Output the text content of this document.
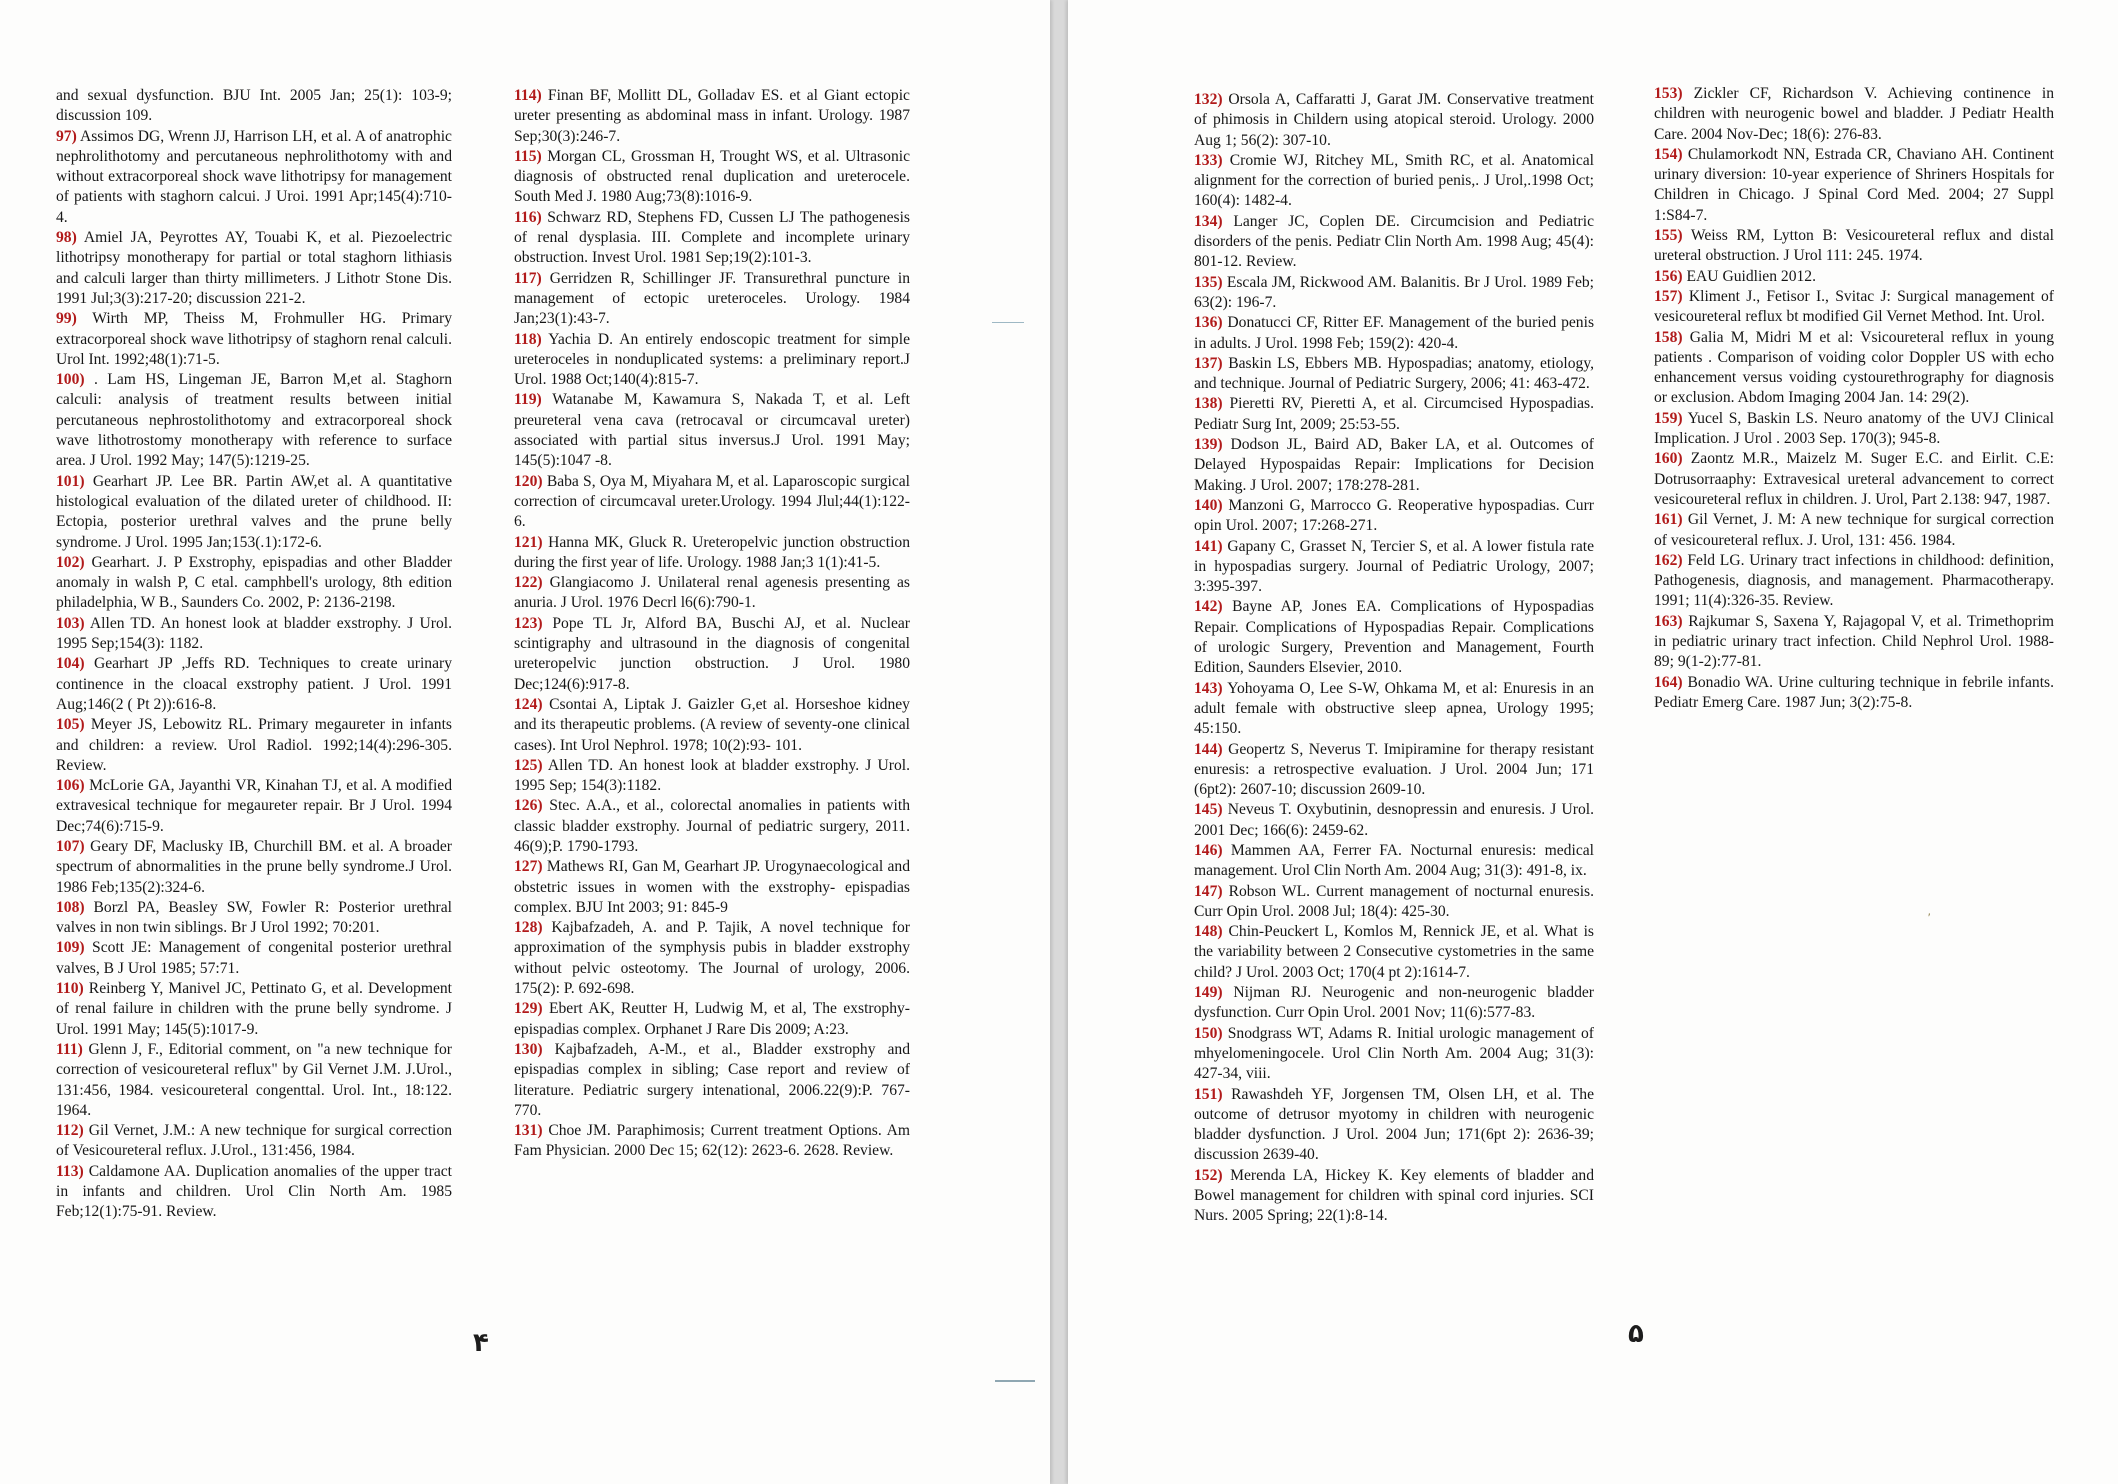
and sexual dysfunction. BJU Int. 2005 Jan; 25(1): 103-9; discussion 109.

97) Assimos DG, Wrenn JJ, Harrison LH, et al. A of anatrophic nephrolithotomy and percutaneous nephrolithotomy with and without extracorporeal shock wave lithotripsy for management of patients with staghorn calcui. J Uroi. 1991 Apr;145(4):710-4.

98) Amiel JA, Peyrottes AY, Touabi K, et al. Piezoelectric lithotripsy monotherapy for partial or total staghorn lithiasis and calculi larger than thirty millimeters. J Lithotr Stone Dis. 1991 Jul;3(3):217-20; discussion 221-2.

99) Wirth MP, Theiss M, Frohmuller HG. Primary extracorporeal shock wave lithotripsy of staghorn renal calculi. Urol Int. 1992;48(1):71-5.

100) . Lam HS, Lingeman JE, Barron M,et al. Staghorn calculi: analysis of treatment results between initial percutaneous nephrostolithotomy and extracorporeal shock wave lithotrostomy monotherapy with reference to surface area. J Urol. 1992 May; 147(5):1219-25.

101) Gearhart JP. Lee BR. Partin AW,et al. A quantitative histological evaluation of the dilated ureter of childhood. II: Ectopia, posterior urethral valves and the prune belly syndrome. J Urol. 1995 Jan;153(.1):172-6.

102) Gearhart. J. P Exstrophy, epispadias and other Bladder anomaly in walsh P, C etal. camphbell's urology, 8th edition philadelphia, W B., Saunders Co. 2002, P: 2136-2198.

103) Allen TD. An honest look at bladder exstrophy. J Urol. 1995 Sep;154(3): 1182.

104) Gearhart JP ,Jeffs RD. Techniques to create urinary continence in the cloacal exstrophy patient. J Urol. 1991 Aug;146(2 ( Pt 2)):616-8.

105) Meyer JS, Lebowitz RL. Primary megaureter in infants and children: a review. Urol Radiol. 1992;14(4):296-305. Review.

106) McLorie GA, Jayanthi VR, Kinahan TJ, et al. A modified extravesical technique for megaureter repair. Br J Urol. 1994 Dec;74(6):715-9.

107) Geary DF, Maclusky IB, Churchill BM. et al. A broader spectrum of abnormalities in the prune belly syndrome.J Urol. 1986 Feb;135(2):324-6.

108) Borzl PA, Beasley SW, Fowler R: Posterior urethral valves in non twin siblings. Br J Urol 1992; 70:201.

109) Scott JE: Management of congenital posterior urethral valves, B J Urol 1985; 57:71.

110) Reinberg Y, Manivel JC, Pettinato G, et al. Development of renal failure in children with the prune belly syndrome. J Urol. 1991 May; 145(5):1017-9.

111) Glenn J, F., Editorial comment, on "a new technique for correction of vesicoureteral reflux" by Gil Vernet J.M. J.Urol., 131:456, 1984. vesicoureteral congenttal. Urol. Int., 18:122. 1964.

112) Gil Vernet, J.M.: A new technique for surgical correction of Vesicoureteral reflux. J.Urol., 131:456, 1984.

113) Caldamone AA. Duplication anomalies of the upper tract in infants and children. Urol Clin North Am. 1985 Feb;12(1):75-91. Review.

114) Finan BF, Mollitt DL, Golladav ES. et al Giant ectopic ureter presenting as abdominal mass in infant. Urology. 1987 Sep;30(3):246-7.

115) Morgan CL, Grossman H, Trought WS, et al. Ultrasonic diagnosis of obstructed renal duplication and ureterocele. South Med J. 1980 Aug;73(8):1016-9.

116) Schwarz RD, Stephens FD, Cussen LJ The pathogenesis of renal dysplasia. III. Complete and incomplete urinary obstruction. Invest Urol. 1981 Sep;19(2):101-3.

117) Gerridzen R, Schillinger JF. Transurethral puncture in management of ectopic ureteroceles. Urology. 1984 Jan;23(1):43-7.

118) Yachia D. An entirely endoscopic treatment for simple ureteroceles in nonduplicated systems: a preliminary report.J Urol. 1988 Oct;140(4):815-7.

119) Watanabe M, Kawamura S, Nakada T, et al. Left preureteral vena cava (retrocaval or circumcaval ureter) associated with partial situs inversus.J Urol. 1991 May; 145(5):1047 -8.

120) Baba S, Oya M, Miyahara M, et al. Laparoscopic surgical correction of circumcaval ureter.Urology. 1994 Jlul;44(1):122-6.

121) Hanna MK, Gluck R. Ureteropelvic junction obstruction during the first year of life. Urology. 1988 Jan;3 1(1):41-5.

122) Glangiacomo J. Unilateral renal agenesis presenting as anuria. J Urol. 1976 Decrl l6(6):790-1.

123) Pope TL Jr, Alford BA, Buschi AJ, et al. Nuclear scintigraphy and ultrasound in the diagnosis of congenital ureteropelvic junction obstruction. J Urol. 1980 Dec;124(6):917-8.

124) Csontai A, Liptak J. Gaizler G,et al. Horseshoe kidney and its therapeutic problems. (A review of seventy-one clinical cases). Int Urol Nephrol. 1978; 10(2):93- 101.

125) Allen TD. An honest look at bladder exstrophy. J Urol. 1995 Sep; 154(3):1182.

126) Stec. A.A., et al., colorectal anomalies in patients with classic bladder exstrophy. Journal of pediatric surgery, 2011. 46(9);P. 1790-1793.

127) Mathews RI, Gan M, Gearhart JP. Urogynaecological and obstetric issues in women with the exstrophy- epispadias complex. BJU Int 2003; 91: 845-9

128) Kajbafzadeh, A. and P. Tajik, A novel technique for approximation of the symphysis pubis in bladder exstrophy without pelvic osteotomy. The Journal of urology, 2006. 175(2): P. 692-698.

129) Ebert AK, Reutter H, Ludwig M, et al, The exstrophy-epispadias complex. Orphanet J Rare Dis 2009; A:23.

130) Kajbafzadeh, A-M., et al., Bladder exstrophy and epispadias complex in sibling; Case report and review of literature. Pediatric surgery intenational, 2006.22(9):P. 767-770.

131) Choe JM. Paraphimosis; Current treatment Options. Am Fam Physician. 2000 Dec 15; 62(12): 2623-6. 2628. Review.

۴

132) Orsola A, Caffaratti J, Garat JM. Conservative treatment of phimosis in Childern using atopical steroid. Urology. 2000 Aug 1; 56(2): 307-10.

133) Cromie WJ, Ritchey ML, Smith RC, et al. Anatomical alignment for the correction of buried penis,. J Urol,.1998 Oct; 160(4): 1482-4.

134) Langer JC, Coplen DE. Circumcision and Pediatric disorders of the penis. Pediatr Clin North Am. 1998 Aug; 45(4): 801-12. Review.

135) Escala JM, Rickwood AM. Balanitis. Br J Urol. 1989 Feb; 63(2): 196-7.

136) Donatucci CF, Ritter EF. Management of the buried penis in adults. J Urol. 1998 Feb; 159(2): 420-4.

137) Baskin LS, Ebbers MB. Hypospadias; anatomy, etiology, and technique. Journal of Pediatric Surgery, 2006; 41: 463-472.

138) Pieretti RV, Pieretti A, et al. Circumcised Hypospadias. Pediatr Surg Int, 2009; 25:53-55.

139) Dodson JL, Baird AD, Baker LA, et al. Outcomes of Delayed Hypospaidas Repair: Implications for Decision Making. J Urol. 2007; 178:278-281.

140) Manzoni G, Marrocco G. Reoperative hypospadias. Curr opin Urol. 2007; 17:268-271.

141) Gapany C, Grasset N, Tercier S, et al. A lower fistula rate in hypospadias surgery. Journal of Pediatric Urology, 2007; 3:395-397.

142) Bayne AP, Jones EA. Complications of Hypospadias Repair. Complications of Hypospadias Repair. Complications of urologic Surgery, Prevention and Management, Fourth Edition, Saunders Elsevier, 2010.

143) Yohoyama O, Lee S-W, Ohkama M, et al: Enuresis in an adult female with obstructive sleep apnea, Urology 1995; 45:150.

144) Geopertz S, Neverus T. Imipiramine for therapy resistant enuresis: a retrospective evaluation. J Urol. 2004 Jun; 171 (6pt2): 2607-10; discussion 2609-10.

145) Neveus T. Oxybutinin, desnopressin and enuresis. J Urol. 2001 Dec; 166(6): 2459-62.

146) Mammen AA, Ferrer FA. Nocturnal enuresis: medical management. Urol Clin North Am. 2004 Aug; 31(3): 491-8, ix.

147) Robson WL. Current management of nocturnal enuresis. Curr Opin Urol. 2008 Jul; 18(4): 425-30.

148) Chin-Peuckert L, Komlos M, Rennick JE, et al. What is the variability between 2 Consecutive cystometries in the same child? J Urol. 2003 Oct; 170(4 pt 2):1614-7.

149) Nijman RJ. Neurogenic and non-neurogenic bladder dysfunction. Curr Opin Urol. 2001 Nov; 11(6):577-83.

150) Snodgrass WT, Adams R. Initial urologic management of mhyelomeningocele. Urol Clin North Am. 2004 Aug; 31(3): 427-34, viii.

151) Rawashdeh YF, Jorgensen TM, Olsen LH, et al. The outcome of detrusor myotomy in children with neurogenic bladder dysfunction. J Urol. 2004 Jun; 171(6pt 2): 2636-39; discussion 2639-40.

152) Merenda LA, Hickey K. Key elements of bladder and Bowel management for children with spinal cord injuries. SCI Nurs. 2005 Spring; 22(1):8-14.

153) Zickler CF, Richardson V. Achieving continence in children with neurogenic bowel and bladder. J Pediatr Health Care. 2004 Nov-Dec; 18(6): 276-83.

154) Chulamorkodt NN, Estrada CR, Chaviano AH. Continent urinary diversion: 10-year experience of Shriners Hospitals for Children in Chicago. J Spinal Cord Med. 2004; 27 Suppl 1:S84-7.

155) Weiss RM, Lytton B: Vesicoureteral reflux and distal ureteral obstruction. J Urol 111: 245. 1974.

156) EAU Guidlien 2012.

157) Kliment J., Fetisor I., Svitac J: Surgical management of vesicoureteral reflux bt modified Gil Vernet Method. Int. Urol.

158) Galia M, Midri M et al: Vsicoureteral reflux in young patients . Comparison of voiding color Doppler US with echo enhancement versus voiding cystourethrography for diagnosis or exclusion. Abdom Imaging 2004 Jan. 14: 29(2).

159) Yucel S, Baskin LS. Neuro anatomy of the UVJ Clinical Implication. J Urol . 2003 Sep. 170(3); 945-8.

160) Zaontz M.R., Maizelz M. Suger E.C. and Eirlit. C.E: Dotrusorraaphy: Extravesical ureteral advancement to correct vesicoureteral reflux in children. J. Urol, Part 2.138: 947, 1987.

161) Gil Vernet, J. M: A new technique for surgical correction of vesicoureteral reflux. J. Urol, 131: 456. 1984.

162) Feld LG. Urinary tract infections in childhood: definition, Pathogenesis, diagnosis, and management. Pharmacotherapy. 1991; 11(4):326-35. Review.

163) Rajkumar S, Saxena Y, Rajagopal V, et al. Trimethoprim in pediatric urinary tract infection. Child Nephrol Urol. 1988-89; 9(1-2):77-81.

164) Bonadio WA. Urine culturing technique in febrile infants. Pediatr Emerg Care. 1987 Jun; 3(2):75-8.

۵
′
